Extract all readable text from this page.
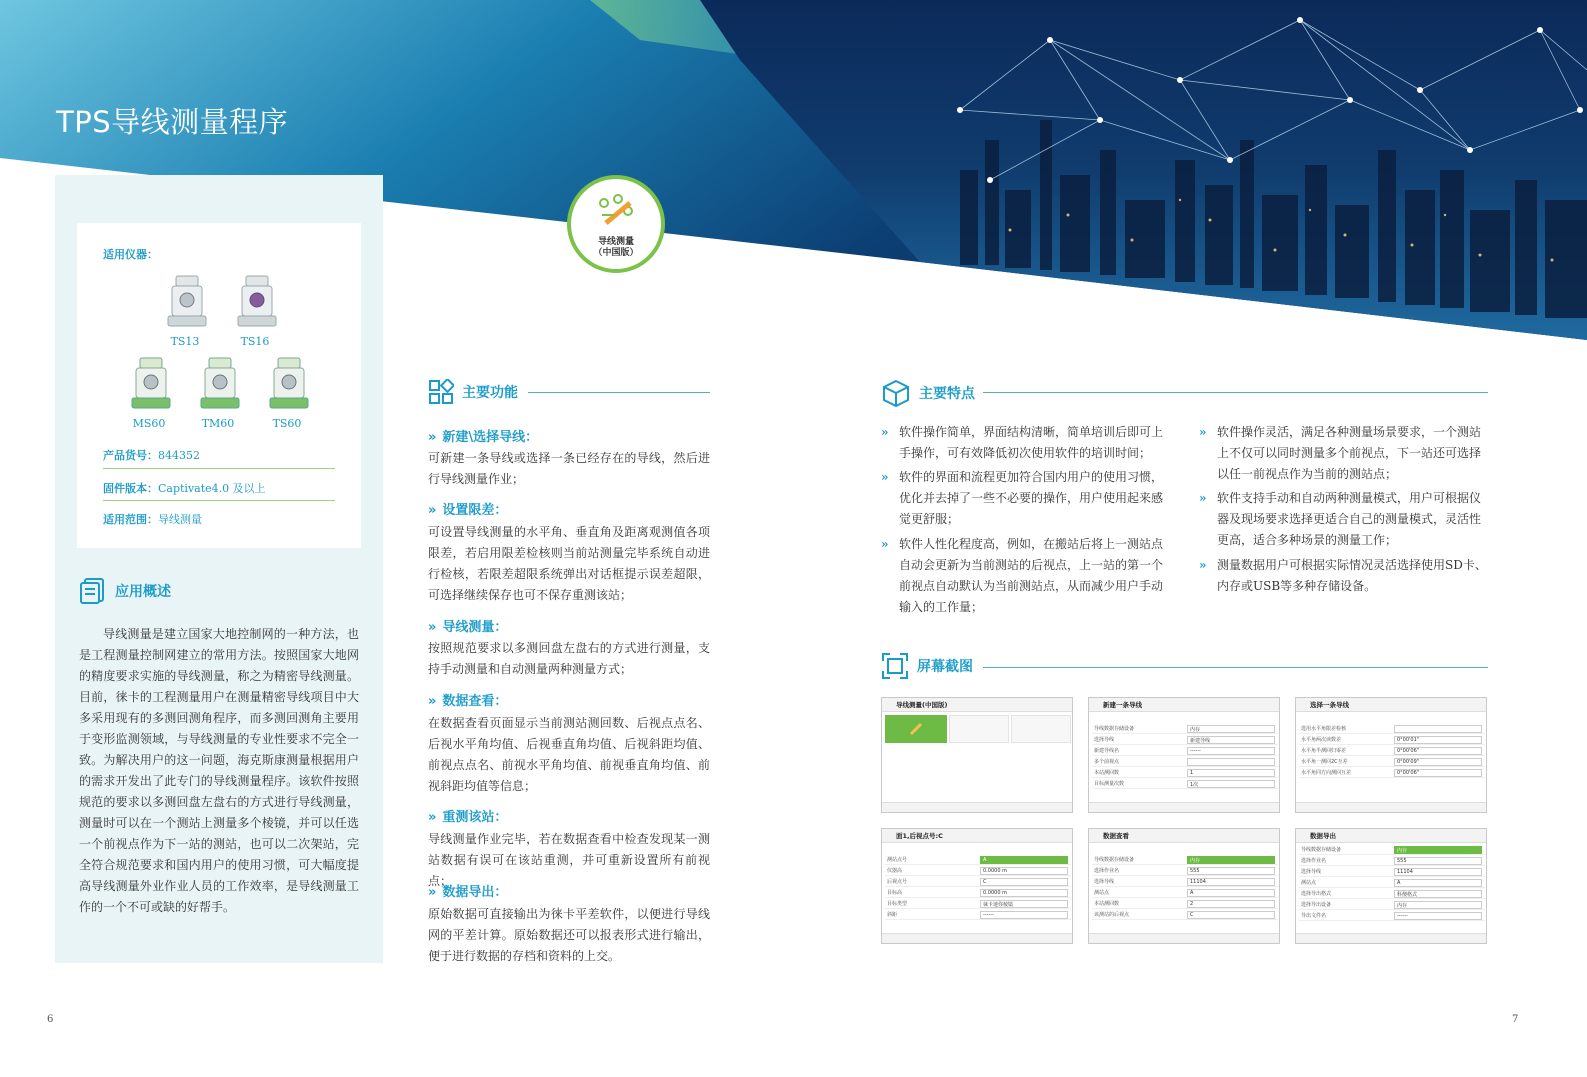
TPS导线测量程序
适用仪器：
TS13	TS16
MS60	TM60	TS60
产品货号：844352
固件版本：Captivate4.0 及以上
适用范围：导线测量
应用概述
导线测量是建立国家大地控制网的一种方法，也是工程测量控制网建立的常用方法。按照国家大地网的精度要求实施的导线测量，称之为精密导线测量。目前，徕卡的工程测量用户在测量精密导线项目中大多采用现有的多测回测角程序，而多测回测角主要用于变形监测领域，与导线测量的专业性要求不完全一致。为解决用户的这一问题，海克斯康测量根据用户的需求开发出了此专门的导线测量程序。该软件按照规范的要求以多测回盘左盘右的方式进行导线测量，测量时可以在一个测站上测量多个棱镜，并可以任选一个前视点作为下一站的测站，也可以二次架站，完全符合规范要求和国内用户的使用习惯，可大幅度提高导线测量外业作业人员的工作效率，是导线测量工作的一个不可或缺的好帮手。
导线测量
（中国版）
主要功能
» 新建\选择导线：
可新建一条导线或选择一条已经存在的导线，然后进行导线测量作业；
» 设置限差：
可设置导线测量的水平角、垂直角及距离观测值各项限差，若启用限差检核则当前站测量完毕系统自动进行检核，若限差超限系统弹出对话框提示误差超限，可选择继续保存也可不保存重测该站；
» 导线测量：
按照规范要求以多测回盘左盘右的方式进行测量，支持手动测量和自动测量两种测量方式；
» 数据查看：
在数据查看页面显示当前测站测回数、后视点点名、后视水平角均值、后视垂直角均值、后视斜距均值、前视点点名、前视水平角均值、前视垂直角均值、前视斜距均值等信息；
» 重测该站：
导线测量作业完毕，若在数据查看中检查发现某一测站数据有误可在该站重测，并可重新设置所有前视点；
» 数据导出：
原始数据可直接输出为徕卡平差软件，以便进行导线网的平差计算。原始数据还可以报表形式进行输出，便于进行数据的存档和资料的上交。
主要特点
» 软件操作简单，界面结构清晰，简单培训后即可上手操作，可有效降低初次使用软件的培训时间；
» 软件的界面和流程更加符合国内用户的使用习惯，优化并去掉了一些不必要的操作，用户使用起来感觉更舒服；
» 软件人性化程度高，例如，在搬站后将上一测站点自动会更新为当前测站的后视点，上一站的第一个前视点自动默认为当前测站点，从而减少用户手动输入的工作量；
» 软件操作灵活，满足各种测量场景要求，一个测站上不仅可以同时测量多个前视点，下一站还可选择以任一前视点作为当前的测站点；
» 软件支持手动和自动两种测量模式，用户可根据仪器及现场要求选择更适合自己的测量模式，灵活性更高，适合多种场景的测量工作；
» 测量数据用户可根据实际情况灵活选择使用SD卡、内存或USB等多种存储设备。
屏幕截图
导线测量(中国版)	新建一条导线
导线数据存储设备	内存
选择导线	新建导线
新建导线名	------
多个前视点
本站测回数	1
目标测量次数	1次
选择一条导线
选用水平角限差检核
水平角两次读数差	0°00'01"
水平角半测回归零差	0°00'06"
水平角一测回2C互差	0°00'09"
水平角同方向测回互差	0°00'06"
面1,后视点号:C
测站点号	A
仪器高	0.0000 m
后视点号	C
目标高	0.0000 m
目标类型	徕卡迷你棱镜
斜距	------
数据查看
导线数据存储设备	内存
选择作业名	555
选择导线	11104
测站点	A
本站测回数	2
该测站的后视点	C
数据导出
导线数据存储设备	内存
选择作业名	555
选择导线	11104
测站点	A
选择导出格式	科傻格式
选择导出设备	内存
导出文件名	------
6	7
